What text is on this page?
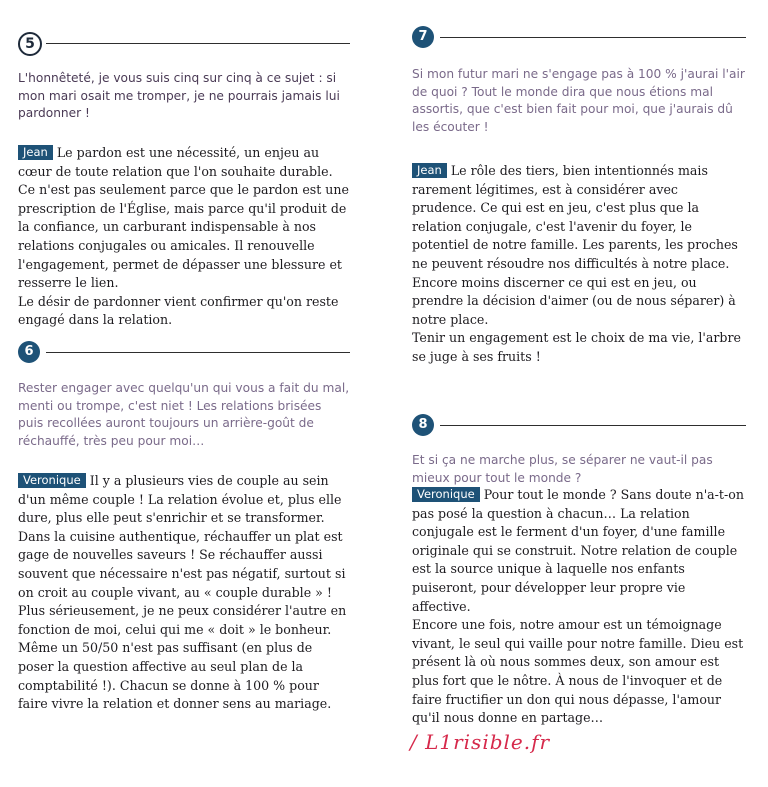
5

L'honnêteté, je vous suis cinq sur cinq à ce sujet : si mon mari osait me tromper, je ne pourrais jamais lui pardonner !

Jean Le pardon est une nécessité, un enjeu au cœur de toute relation que l'on souhaite durable. Ce n'est pas seulement parce que le pardon est une prescription de l'Église, mais parce qu'il produit de la confiance, un carburant indispensable à nos relations conjugales ou amicales. Il renouvelle l'engagement, permet de dépasser une blessure et resserre le lien.

Le désir de pardonner vient confirmer qu'on reste engagé dans la relation.

6

Rester engager avec quelqu'un qui vous a fait du mal, menti ou trompe, c'est niet ! Les relations brisées puis recollées auront toujours un arrière-goût de réchauffé, très peu pour moi…

Veronique Il y a plusieurs vies de couple au sein d'un même couple ! La relation évolue et, plus elle dure, plus elle peut s'enrichir et se transformer. Dans la cuisine authentique, réchauffer un plat est gage de nouvelles saveurs ! Se réchauffer aussi souvent que nécessaire n'est pas négatif, surtout si on croit au couple vivant, au « couple durable » !

Plus sérieusement, je ne peux considérer l'autre en fonction de moi, celui qui me « doit » le bonheur. Même un 50/50 n'est pas suffisant (en plus de poser la question affective au seul plan de la comptabilité !). Chacun se donne à 100 % pour faire vivre la relation et donner sens au mariage.

7

Si mon futur mari ne s'engage pas à 100 % j'aurai l'air de quoi ? Tout le monde dira que nous étions mal assortis, que c'est bien fait pour moi, que j'aurais dû les écouter !

Jean Le rôle des tiers, bien intentionnés mais rarement légitimes, est à considérer avec prudence. Ce qui est en jeu, c'est plus que la relation conjugale, c'est l'avenir du foyer, le potentiel de notre famille. Les parents, les proches ne peuvent résoudre nos difficultés à notre place. Encore moins discerner ce qui est en jeu, ou prendre la décision d'aimer (ou de nous séparer) à notre place.

Tenir un engagement est le choix de ma vie, l'arbre se juge à ses fruits !

8

Et si ça ne marche plus, se séparer ne vaut-il pas mieux pour tout le monde ?

Veronique Pour tout le monde ? Sans doute n'a-t-on pas posé la question à chacun… La relation conjugale est le ferment d'un foyer, d'une famille originale qui se construit. Notre relation de couple est la source unique à laquelle nos enfants puiseront, pour développer leur propre vie affective.

Encore une fois, notre amour est un témoignage vivant, le seul qui vaille pour notre famille. Dieu est présent là où nous sommes deux, son amour est plus fort que le nôtre. À nous de l'invoquer et de faire fructifier un don qui nous dépasse, l'amour qu'il nous donne en partage…

/ L1risible.fr
